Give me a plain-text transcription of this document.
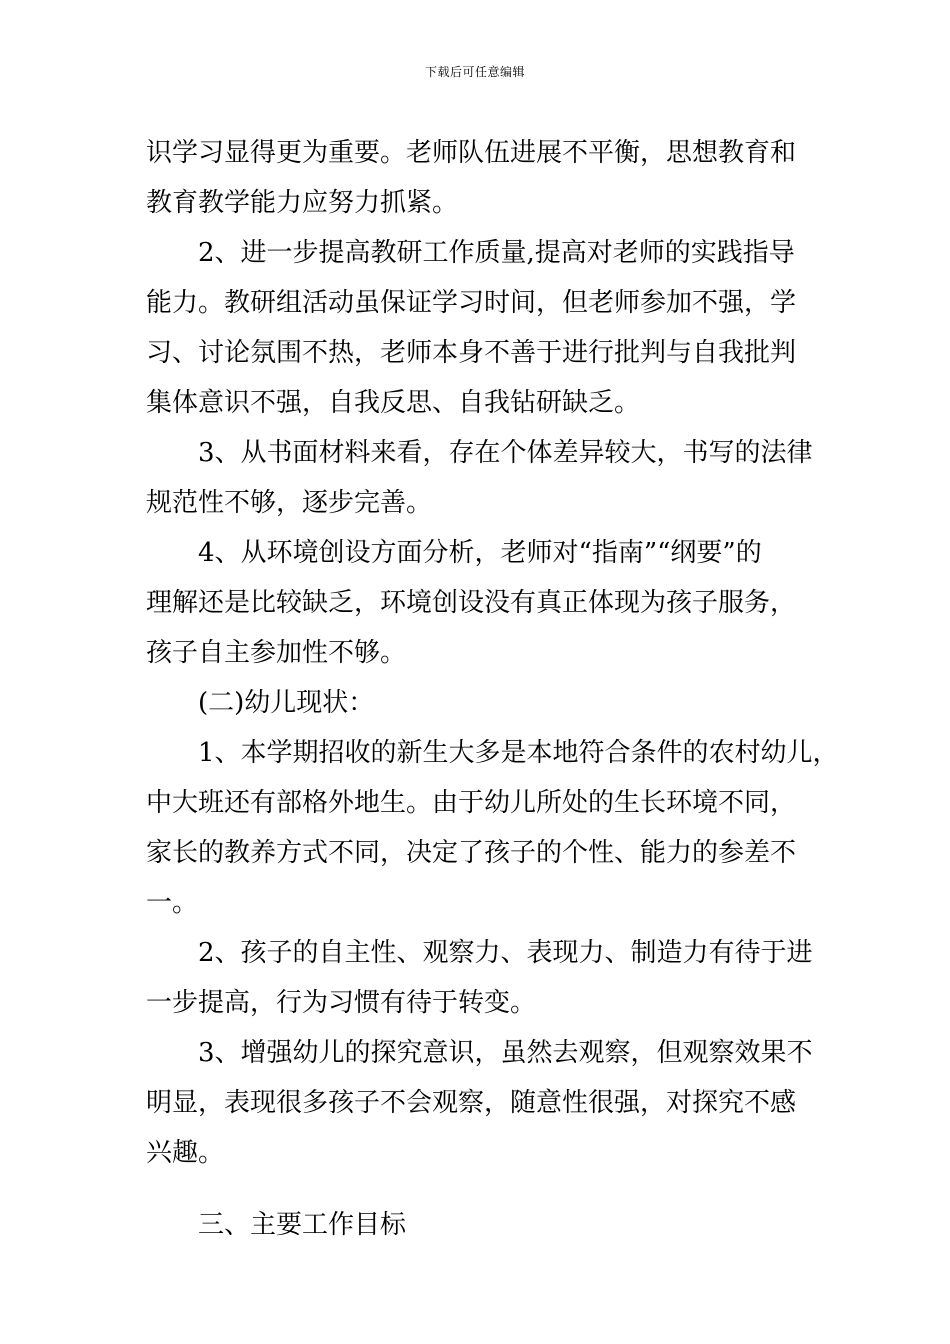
下载后可任意编辑
识学习显得更为重要。老师队伍进展不平衡，思想教育和
教育教学能力应努力抓紧。
2、进一步提高教研工作质量,提高对老师的实践指导
能力。教研组活动虽保证学习时间，但老师参加不强，学
习、讨论氛围不热，老师本身不善于进行批判与自我批判
集体意识不强，自我反思、自我钻研缺乏。
3、从书面材料来看，存在个体差异较大，书写的法律
规范性不够，逐步完善。
4、从环境创设方面分析，老师对“指南”“纲要”的
理解还是比较缺乏，环境创设没有真正体现为孩子服务，
孩子自主参加性不够。
(二)幼儿现状：
1、本学期招收的新生大多是本地符合条件的农村幼儿，
中大班还有部格外地生。由于幼儿所处的生长环境不同，
家长的教养方式不同，决定了孩子的个性、能力的参差不
一。
2、孩子的自主性、观察力、表现力、制造力有待于进
一步提高，行为习惯有待于转变。
3、增强幼儿的探究意识，虽然去观察，但观察效果不
明显，表现很多孩子不会观察，随意性很强，对探究不感
兴趣。
三、主要工作目标
